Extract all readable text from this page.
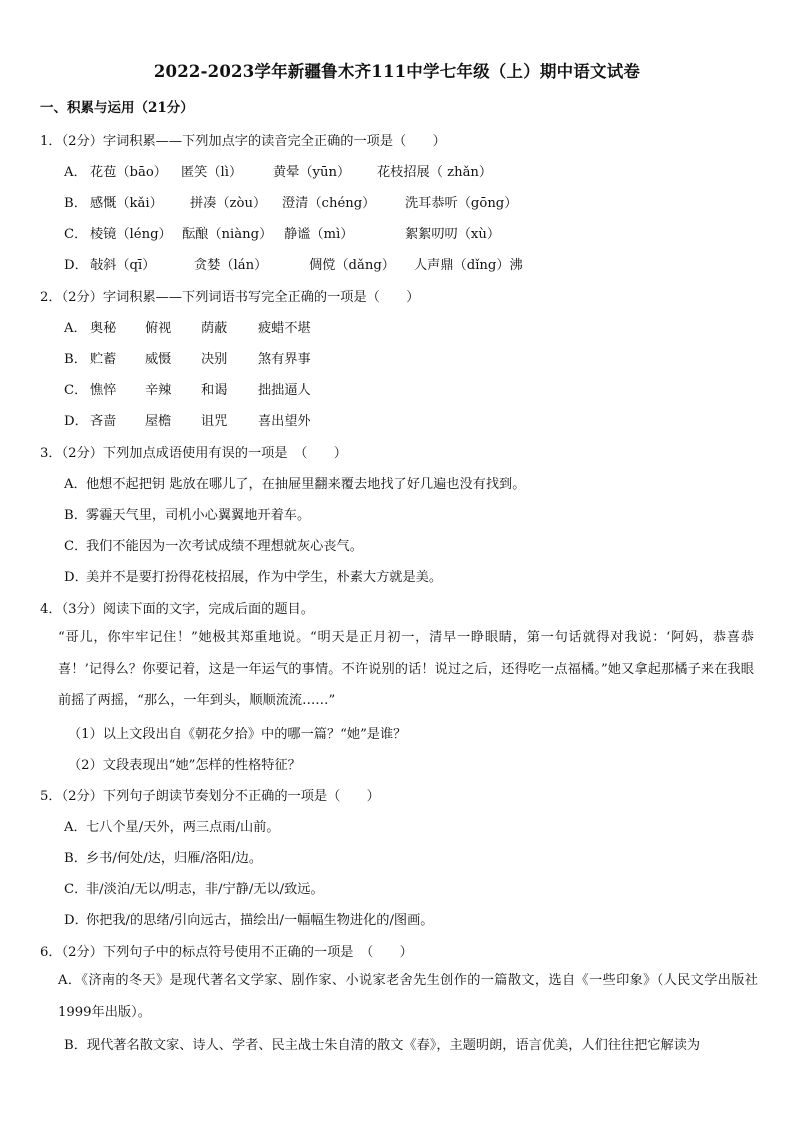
2022-2023学年新疆鲁木齐111中学七年级（上）期中语文试卷
一、积累与运用（21分）
1．（2分）字词积累——下列加点字的读音完全正确的一项是（　　）
A． 花苞（bāo） 匿笑（lì） 黄晕（yūn） 花枝招展（ zhǎn）
B． 感慨（kǎi） 拼凑（zòu） 澄清（chéng） 洗耳恭听（gōng）
C． 棱镜（léng） 酝酿（niàng） 静谧（mì）	絮絮叨叨（xù）
D． 敧斜（qī）	贪婪（lán）	倜傥（dǎng） 人声鼎（dǐng）沸
2．（2分）字词积累——下列词语书写完全正确的一项是（　　）
A． 奥秘 俯视 荫蔽 疲蜡不堪
B． 贮蓄 威慑 决别 煞有界事
C． 憔悴 辛辣 和谒 拙拙逼人
D． 吝啬 屋檐 诅咒 喜出望外
3．（2分）下列加点成语使用有误的一项是　（　　）
A．他想不起把钥 匙放在哪儿了，在抽屉里翻来覆去地找了好几遍也没有找到。
B．雾霾天气里，司机小心翼翼地开着车。
C．我们不能因为一次考试成绩不理想就灰心丧气。
D．美并不是要打扮得花枝招展，作为中学生，朴素大方就是美。
4．（3分）阅读下面的文字，完成后面的题目。
“哥儿，你牢牢记住！”她极其郑重地说。“明天是正月初一，清早一睁眼睛，第一句话就得对我说：‘阿妈，恭喜恭喜！’记得么？你要记着，这是一年运气的事情。不许说别的话！说过之后，还得吃一点福橘。”她又拿起那橘子来在我眼前摇了两摇，“那么，一年到头，顺顺流流……”
（1）以上文段出自《朝花夕拾》中的哪一篇？“她”是谁？
（2）文段表现出“她”怎样的性格特征？
5．（2分）下列句子朗读节奏划分不正确的一项是（　　）
A．七八个星/天外，两三点雨/山前。
B．乡书/何处/达，归雁/洛阳/边。
C．非/淡泊/无以/明志，非/宁静/无以/致远。
D．你把我/的思绪/引向远古，描绘出/一幅幅生物进化的/图画。
6．（2分）下列句子中的标点符号使用不正确的一项是　（　　）
A．《济南的冬天》是现代著名文学家、剧作家、小说家老舍先生创作的一篇散文，选自《一些印象》（人民文学出版社 1999年出版）。
B．现代著名散文家、诗人、学者、民主战士朱自清的散文《春》，主题明朗，语言优美，人们往往把它解读为
